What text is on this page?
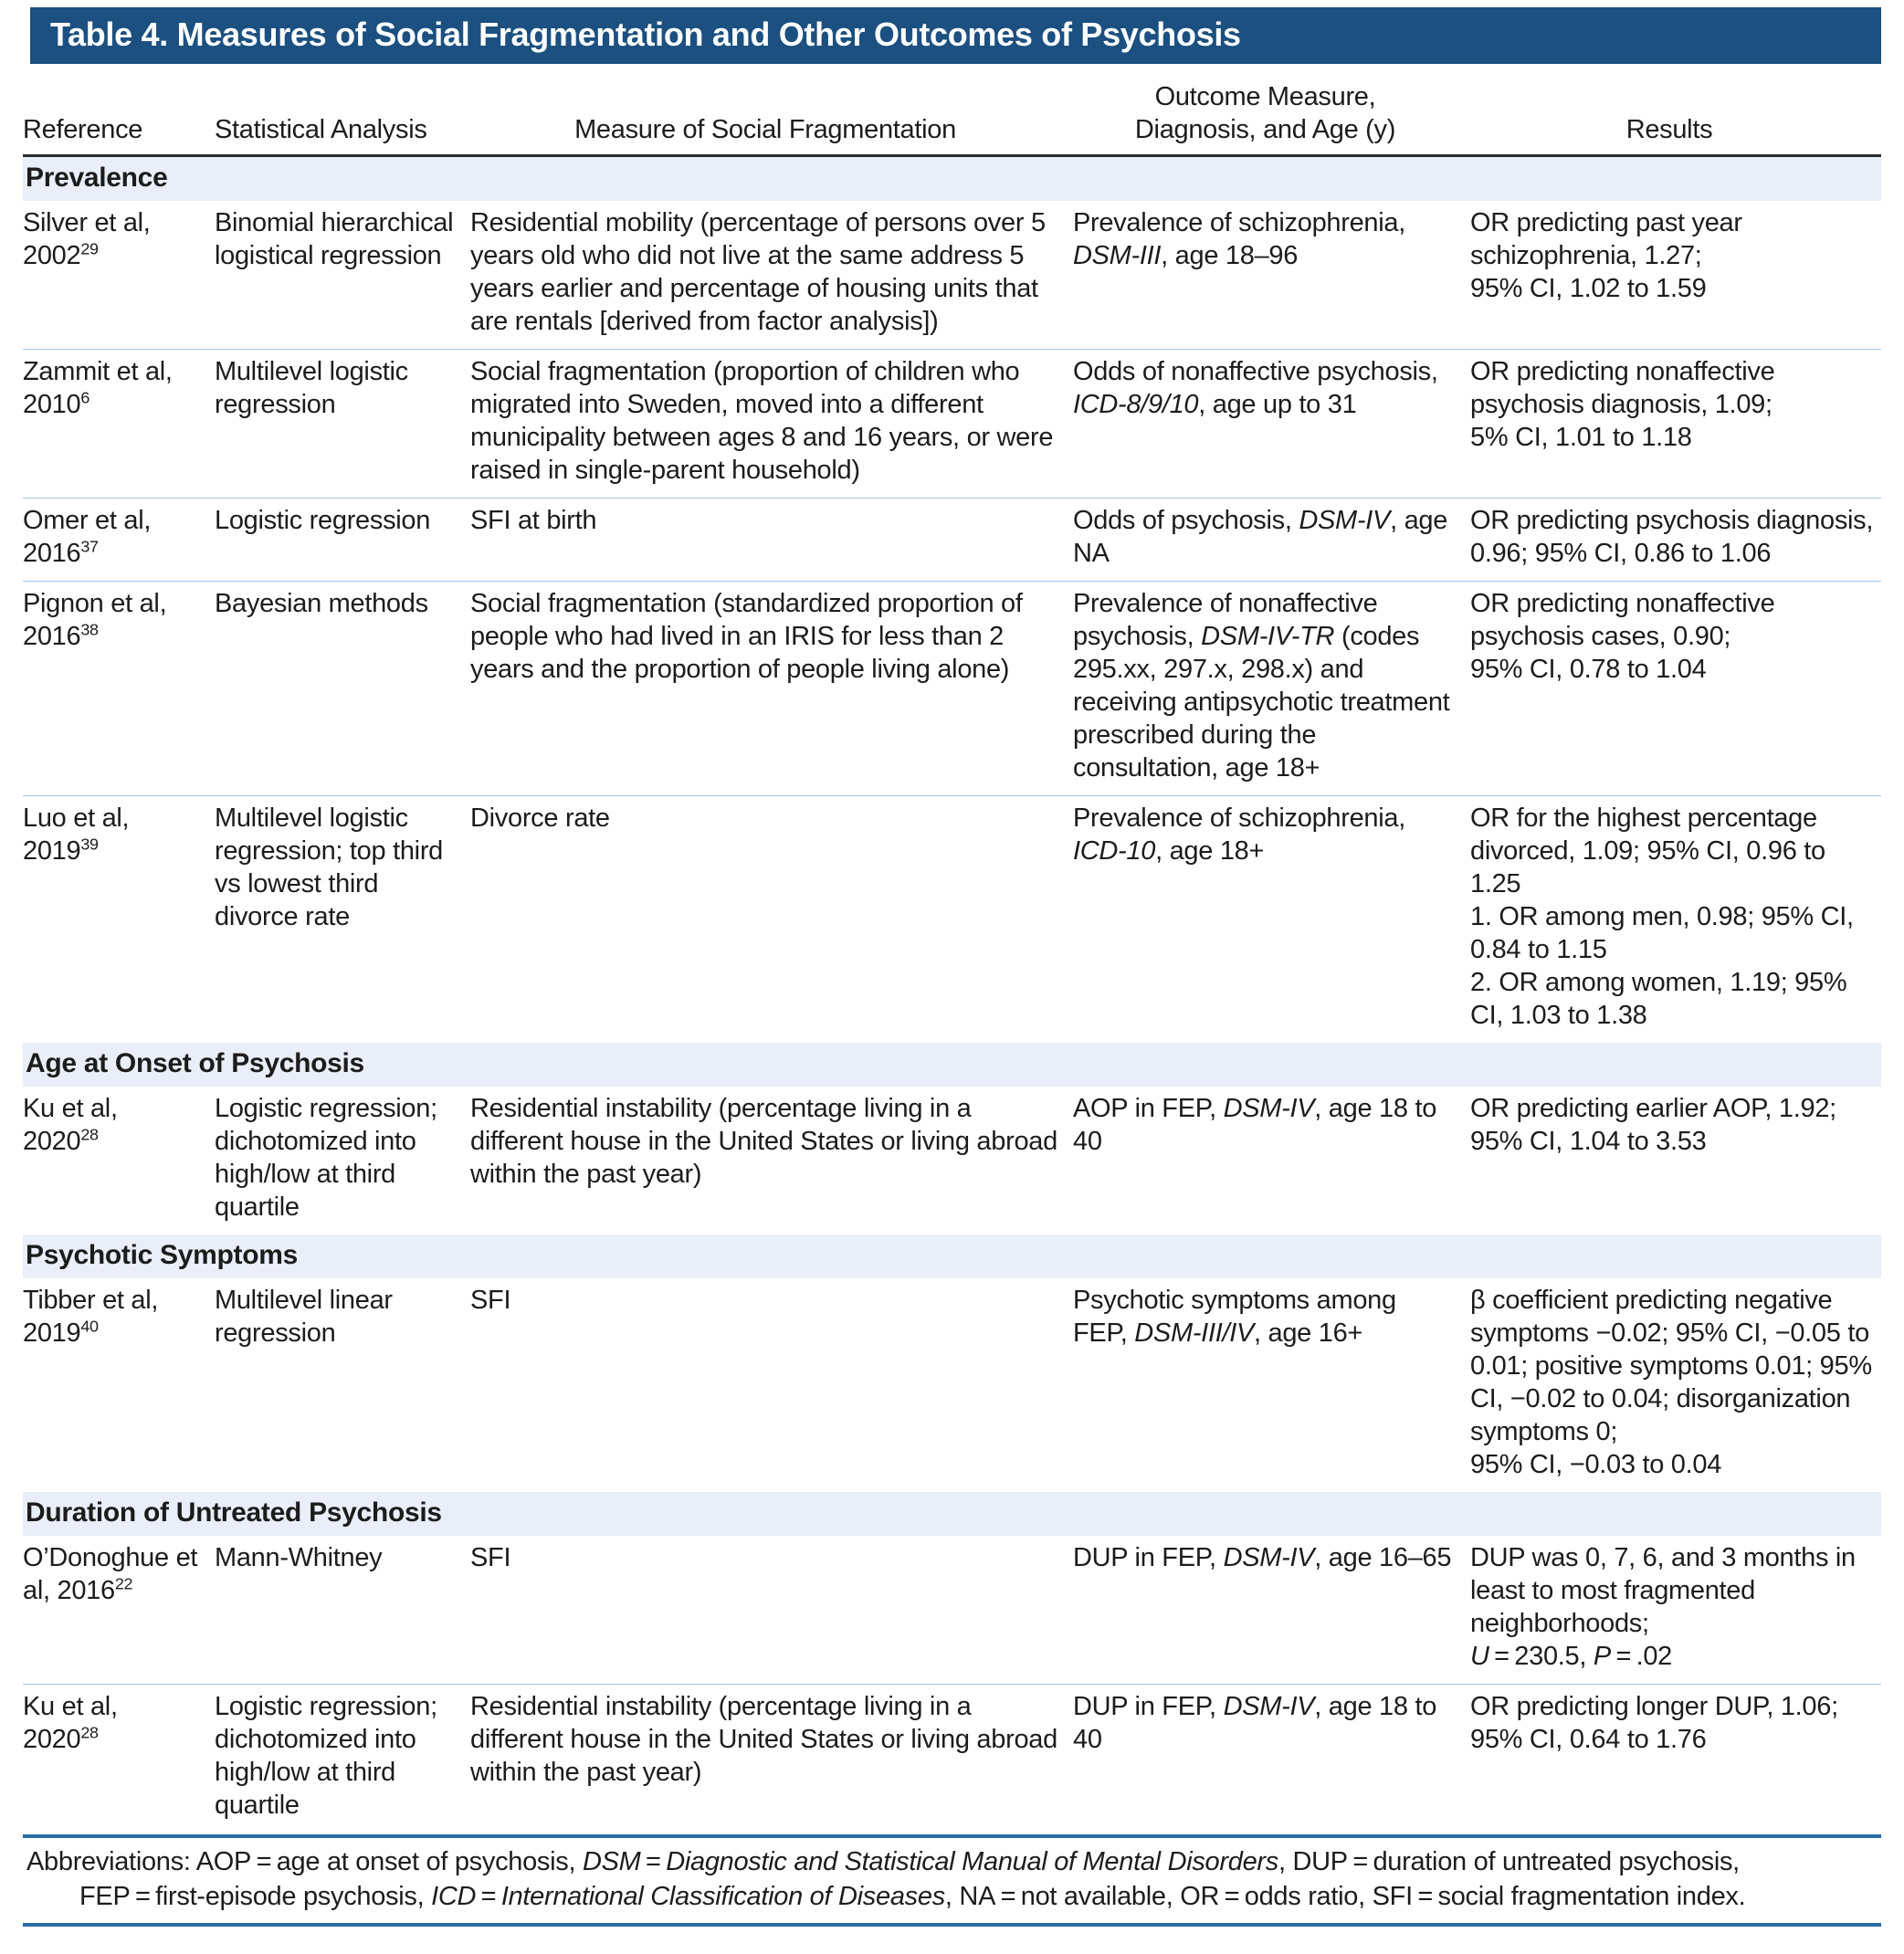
Table 4. Measures of Social Fragmentation and Other Outcomes of Psychosis
Reference	Statistical Analysis	Measure of Social Fragmentation	Outcome Measure,
Diagnosis, and Age (y)	Results

Prevalence				

Silver et al, 2002$^{29}$	Binomial hierarchical logistical regression	Residential mobility (percentage of persons over 5 years old who did not live at the same address 5 years earlier and percentage of housing units that are rentals [derived from factor analysis])	Prevalence of schizophrenia, DSM-III, age 18–96	OR predicting past year schizophrenia, 1.27;
95% CI, 1.02 to 1.59

Zammit et al, 2010$^6$	Multilevel logistic regression	Social fragmentation (proportion of children who migrated into Sweden, moved into a different municipality between ages 8 and 16 years, or were raised in single-parent household)	Odds of nonaffective psychosis, ICD-8/9/10, age up to 31	OR predicting nonaffective psychosis diagnosis, 1.09;
5% CI, 1.01 to 1.18

Omer et al, 2016$^{37}$	Logistic regression	SFI at birth	Odds of psychosis, DSM-IV, age NA	OR predicting psychosis diagnosis,
0.96; 95% CI, 0.86 to 1.06

Pignon et al, 2016$^{38}$	Bayesian methods	Social fragmentation (standardized proportion of people who had lived in an IRIS for less than 2 years and the proportion of people living alone)	Prevalence of nonaffective psychosis, DSM-IV-TR (codes 295.xx, 297.x, 298.x) and receiving antipsychotic treatment prescribed during the consultation, age 18+	OR predicting nonaffective psychosis cases, 0.90;
95% CI, 0.78 to 1.04

Luo et al, 2019$^{39}$	Multilevel logistic regression; top third vs lowest third divorce rate	Divorce rate	Prevalence of schizophrenia, ICD-10, age 18+	OR for the highest percentage divorced, 1.09; 95% CI, 0.96 to 1.25
1. OR among men, 0.98; 95% CI, 0.84 to 1.15
2. OR among women, 1.19; 95% CI, 1.03 to 1.38

Age at Onset of Psychosis				

Ku et al, 2020$^{28}$	Logistic regression; dichotomized into high/low at third quartile	Residential instability (percentage living in a different house in the United States or living abroad within the past year)	AOP in FEP, DSM-IV, age 18 to 40	OR predicting earlier AOP, 1.92;
95% CI, 1.04 to 3.53

Psychotic Symptoms				

Tibber et al, 2019$^{40}$	Multilevel linear regression	SFI	Psychotic symptoms among FEP, DSM-III/IV, age 16+	β coefficient predicting negative symptoms −0.02; 95% CI, −0.05 to 0.01; positive symptoms 0.01; 95% CI, −0.02 to 0.04; disorganization symptoms 0;
95% CI, −0.03 to 0.04

Duration of Untreated Psychosis				

O’Donoghue et al, 2016$^{22}$	Mann-Whitney	SFI	DUP in FEP, DSM-IV, age 16–65	DUP was 0, 7, 6, and 3 months in least to most fragmented neighborhoods;
U = 230.5, P = .02

Ku et al, 2020$^{28}$	Logistic regression; dichotomized into high/low at third quartile	Residential instability (percentage living in a different house in the United States or living abroad within the past year)	DUP in FEP, DSM-IV, age 18 to 40	OR predicting longer DUP, 1.06;
95% CI, 0.64 to 1.76
Abbreviations: AOP = age at onset of psychosis, DSM = Diagnostic and Statistical Manual of Mental Disorders, DUP = duration of untreated psychosis,
FEP = first-episode psychosis, ICD = International Classification of Diseases, NA = not available, OR = odds ratio, SFI = social fragmentation index.
